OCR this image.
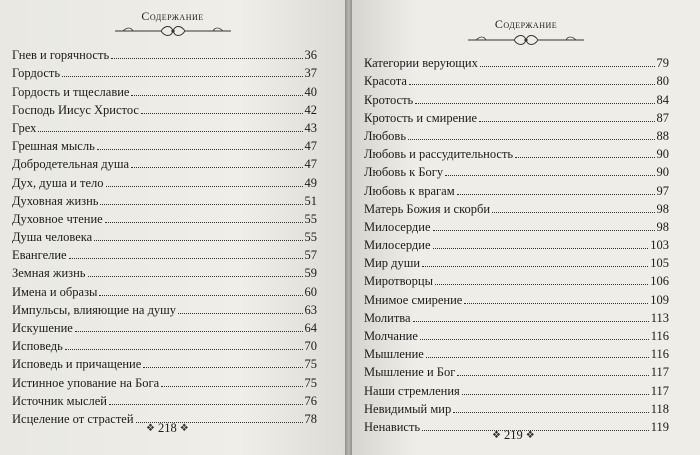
Содержание
Гнев и горячность	36
Гордость	37
Гордость и тщеславие	40
Господь Иисус Христос	42
Грех	43
Грешная мысль	47
Добродетельная душа	47
Дух, душа и тело	49
Духовная жизнь	51
Духовное чтение	55
Душа человека	55
Евангелие	57
Земная жизнь	59
Имена и образы	60
Импульсы, влияющие на душу	63
Искушение	64
Исповедь	70
Исповедь и причащение	75
Истинное упование на Бога	75
Источник мыслей	76
Исцеление от страстей	78
❖ 218 ❖
Содержание
Категории верующих	79
Красота	80
Кротость	84
Кротость и смирение	87
Любовь	88
Любовь и рассудительность	90
Любовь к Богу	90
Любовь к врагам	97
Матерь Божия и скорби	98
Милосердие	98
Милосердие	103
Мир души	105
Миротворцы	106
Мнимое смирение	109
Молитва	113
Молчание	116
Мышление	116
Мышление и Бог	117
Наши стремления	117
Невидимый мир	118
Ненависть	119
❖ 219 ❖
